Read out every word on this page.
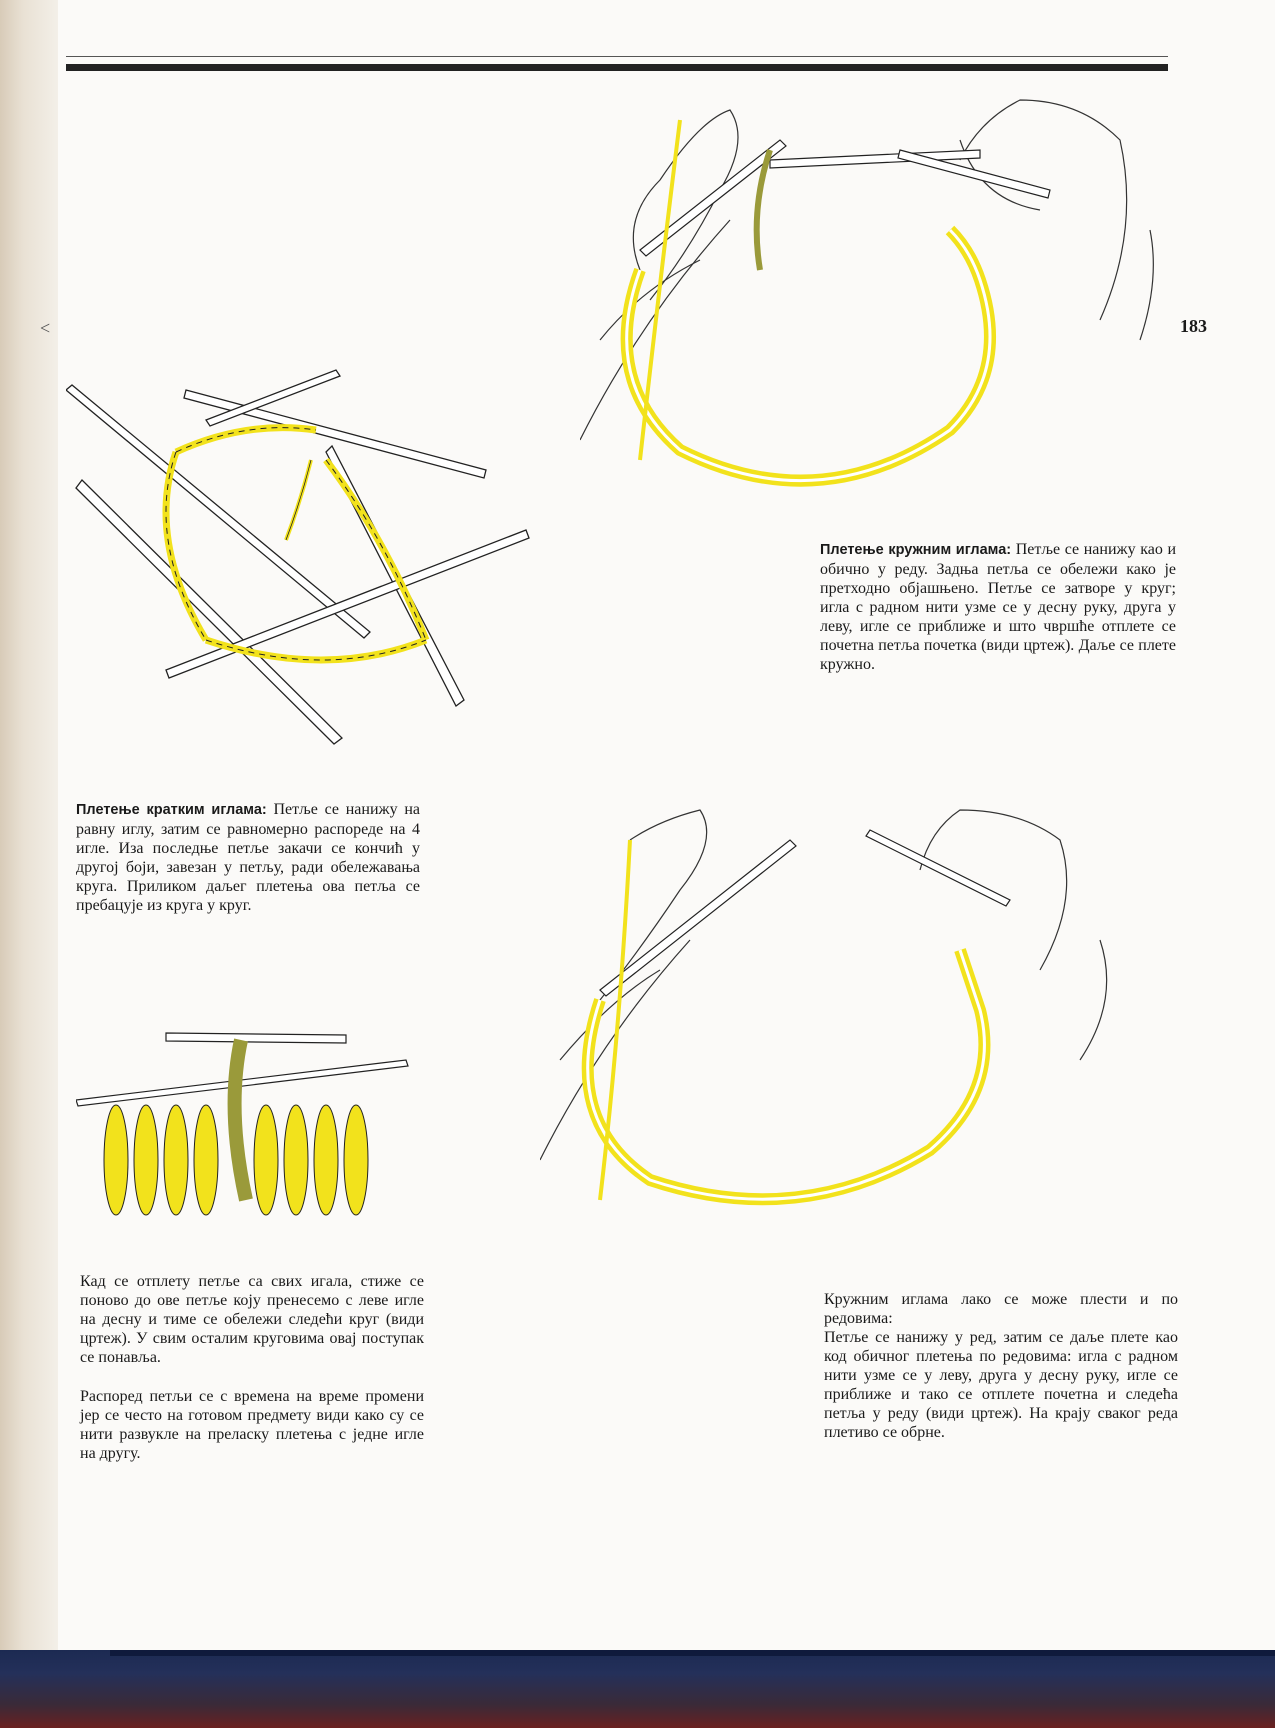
<	183

Плетење кратким иглама: Петље се нанижу на равну иглу, затим се равномерно распореде на 4 игле. Иза последње петље закачи се кончић у другој боји, завезан у петљу, ради обележавања круга. Приликом даљег плетења ова петља се пребацује из круга у круг.

Плетење кружним иглама: Петље се нанижу као и обично у реду. Задња петља се обележи како је претходно објашњено. Петље се затворе у круг; игла с радном нити узме се у десну руку, друга у леву, игле се приближе и што чвршће отплете се почетна петља почетка (види цртеж). Даље се плете кружно.

Кад се отплету петље са свих игала, стиже се поново до ове петље коју пренесемо с леве игле на десну и тиме се обележи следећи круг (види цртеж). У свим осталим круговима овај поступак се понавља.

Распоред петљи се с времена на време промени јер се често на готовом предмету види како су се нити развукле на преласку плетења с једне игле на другу.

Кружним иглама лако се може плести и по редовима:

Петље се нанижу у ред, затим се даље плете као код обичног плетења по редовима: игла с радном нити узме се у леву, друга у десну руку, игле се приближе и тако се отплете почетна и следећа петља у реду (види цртеж). На крају сваког реда плетиво се обрне.
